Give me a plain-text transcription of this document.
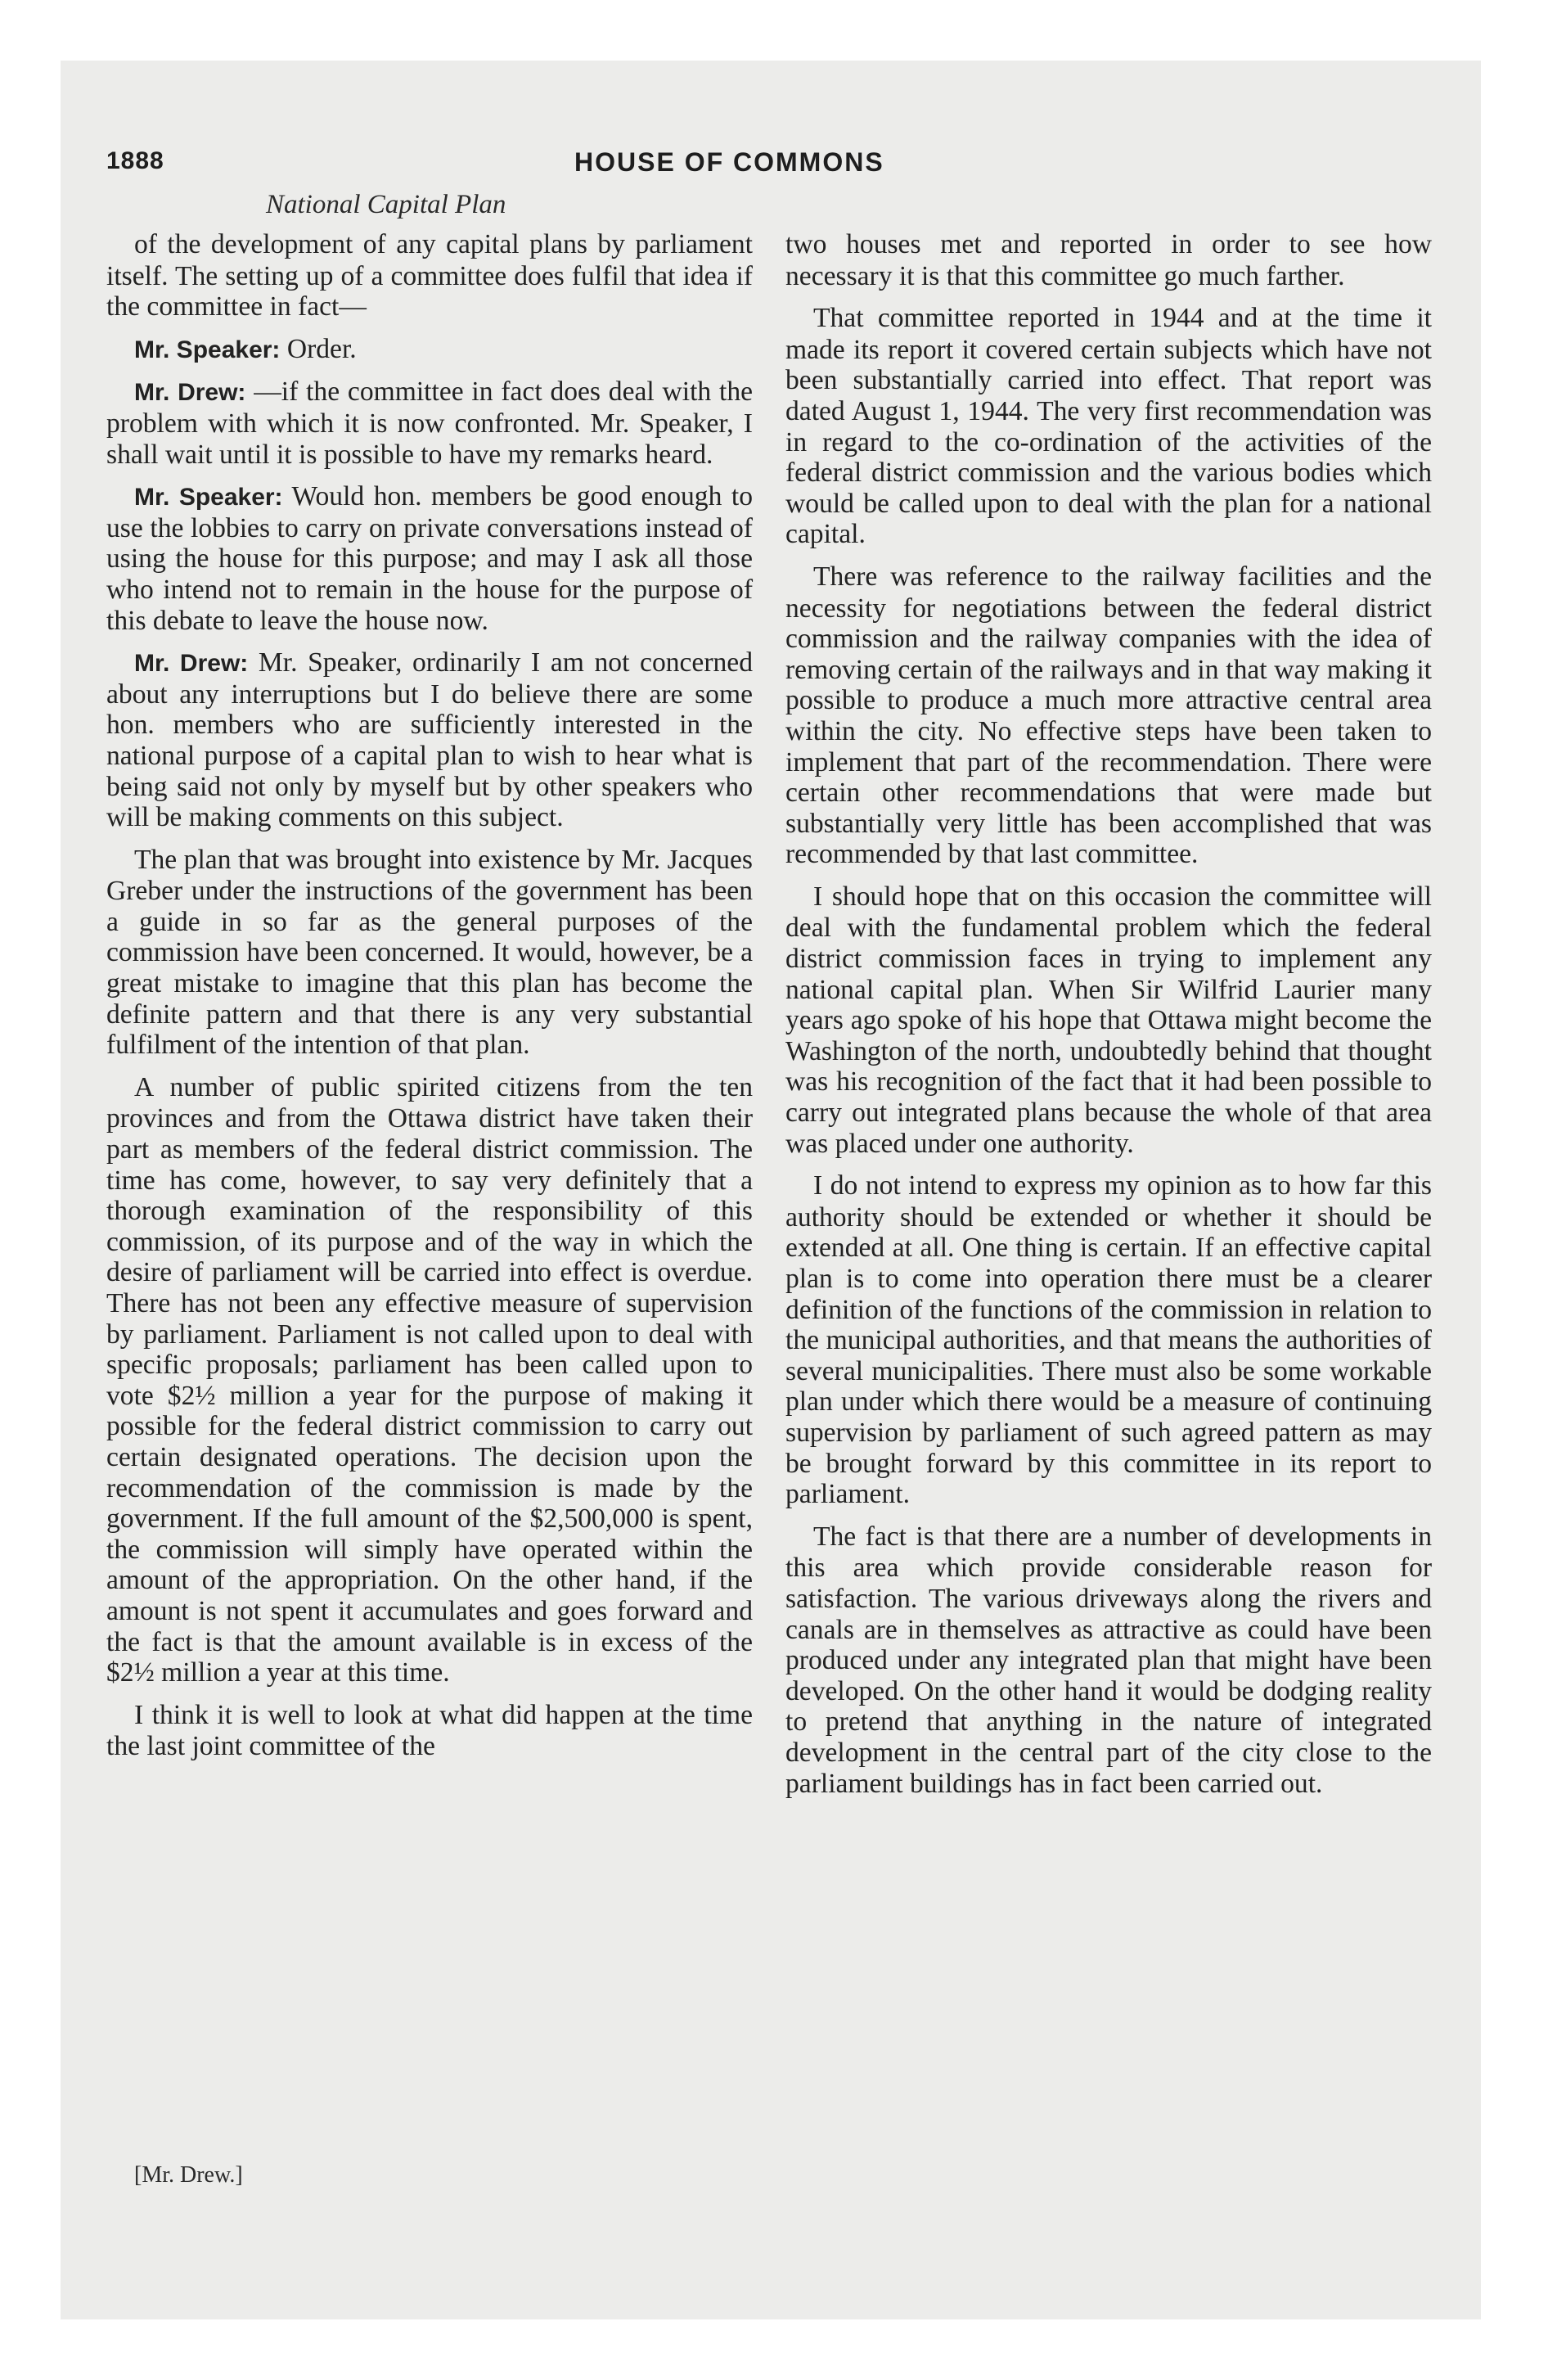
1888	HOUSE OF COMMONS
National Capital Plan

of the development of any capital plans by parliament itself. The setting up of a committee does fulfil that idea if the committee in fact—

Mr. Speaker: Order.

Mr. Drew: —if the committee in fact does deal with the problem with which it is now confronted. Mr. Speaker, I shall wait until it is possible to have my remarks heard.

Mr. Speaker: Would hon. members be good enough to use the lobbies to carry on private conversations instead of using the house for this purpose; and may I ask all those who intend not to remain in the house for the purpose of this debate to leave the house now.

Mr. Drew: Mr. Speaker, ordinarily I am not concerned about any interruptions but I do believe there are some hon. members who are sufficiently interested in the national purpose of a capital plan to wish to hear what is being said not only by myself but by other speakers who will be making comments on this subject.

The plan that was brought into existence by Mr. Jacques Greber under the instructions of the government has been a guide in so far as the general purposes of the commission have been concerned. It would, however, be a great mistake to imagine that this plan has become the definite pattern and that there is any very substantial fulfilment of the intention of that plan.

A number of public spirited citizens from the ten provinces and from the Ottawa district have taken their part as members of the federal district commission. The time has come, however, to say very definitely that a thorough examination of the responsibility of this commission, of its purpose and of the way in which the desire of parliament will be carried into effect is overdue. There has not been any effective measure of supervision by parliament. Parliament is not called upon to deal with specific proposals; parliament has been called upon to vote $2½ million a year for the purpose of making it possible for the federal district commission to carry out certain designated operations. The decision upon the recommendation of the commission is made by the government. If the full amount of the $2,500,000 is spent, the commission will simply have operated within the amount of the appropriation. On the other hand, if the amount is not spent it accumulates and goes forward and the fact is that the amount available is in excess of the $2½ million a year at this time.

I think it is well to look at what did happen at the time the last joint committee of the

two houses met and reported in order to see how necessary it is that this committee go much farther.

That committee reported in 1944 and at the time it made its report it covered certain subjects which have not been substantially carried into effect. That report was dated August 1, 1944. The very first recommendation was in regard to the co-ordination of the activities of the federal district commission and the various bodies which would be called upon to deal with the plan for a national capital.

There was reference to the railway facilities and the necessity for negotiations between the federal district commission and the railway companies with the idea of removing certain of the railways and in that way making it possible to produce a much more attractive central area within the city. No effective steps have been taken to implement that part of the recommendation. There were certain other recommendations that were made but substantially very little has been accomplished that was recommended by that last committee.

I should hope that on this occasion the committee will deal with the fundamental problem which the federal district commission faces in trying to implement any national capital plan. When Sir Wilfrid Laurier many years ago spoke of his hope that Ottawa might become the Washington of the north, undoubtedly behind that thought was his recognition of the fact that it had been possible to carry out integrated plans because the whole of that area was placed under one authority.

I do not intend to express my opinion as to how far this authority should be extended or whether it should be extended at all. One thing is certain. If an effective capital plan is to come into operation there must be a clearer definition of the functions of the commission in relation to the municipal authorities, and that means the authorities of several municipalities. There must also be some workable plan under which there would be a measure of continuing supervision by parliament of such agreed pattern as may be brought forward by this committee in its report to parliament.

The fact is that there are a number of developments in this area which provide considerable reason for satisfaction. The various driveways along the rivers and canals are in themselves as attractive as could have been produced under any integrated plan that might have been developed. On the other hand it would be dodging reality to pretend that anything in the nature of integrated development in the central part of the city close to the parliament buildings has in fact been carried out.

[Mr. Drew.]
